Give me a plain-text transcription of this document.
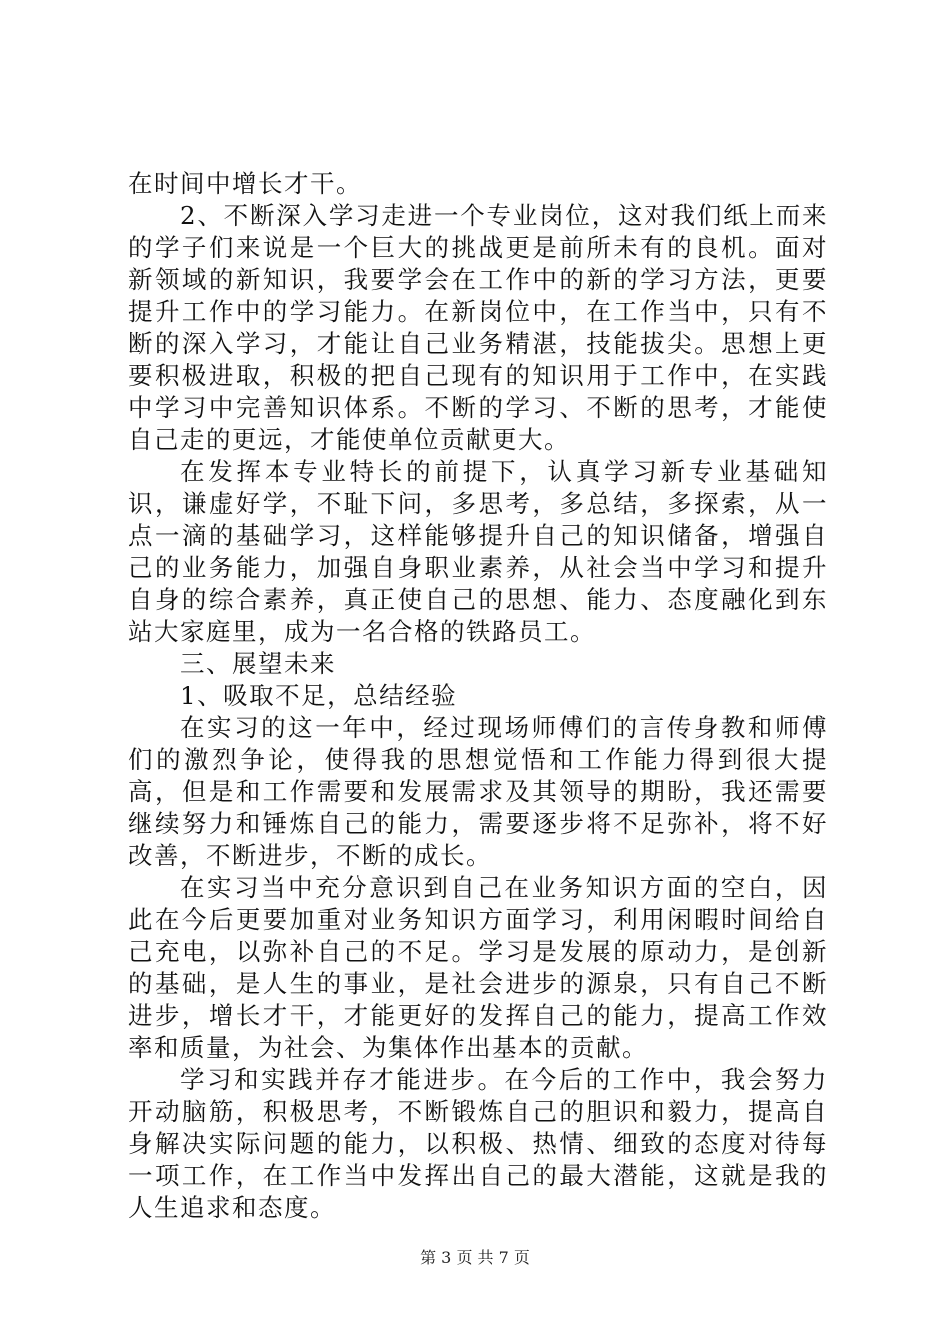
在时间中增长才干。

2、不断深入学习走进一个专业岗位，这对我们纸上而来的学子们来说是一个巨大的挑战更是前所未有的良机。面对新领域的新知识，我要学会在工作中的新的学习方法，更要提升工作中的学习能力。在新岗位中，在工作当中，只有不断的深入学习，才能让自己业务精湛，技能拔尖。思想上更要积极进取，积极的把自己现有的知识用于工作中，在实践中学习中完善知识体系。不断的学习、不断的思考，才能使自己走的更远，才能使单位贡献更大。

在发挥本专业特长的前提下，认真学习新专业基础知识，谦虚好学，不耻下问，多思考，多总结，多探索，从一点一滴的基础学习，这样能够提升自己的知识储备，增强自己的业务能力，加强自身职业素养，从社会当中学习和提升自身的综合素养，真正使自己的思想、能力、态度融化到东站大家庭里，成为一名合格的铁路员工。

三、展望未来

1、吸取不足，总结经验

在实习的这一年中，经过现场师傅们的言传身教和师傅们的激烈争论，使得我的思想觉悟和工作能力得到很大提高，但是和工作需要和发展需求及其领导的期盼，我还需要继续努力和锤炼自己的能力，需要逐步将不足弥补，将不好改善，不断进步，不断的成长。

在实习当中充分意识到自己在业务知识方面的空白，因此在今后更要加重对业务知识方面学习，利用闲暇时间给自己充电，以弥补自己的不足。学习是发展的原动力，是创新的基础，是人生的事业，是社会进步的源泉，只有自己不断进步，增长才干，才能更好的发挥自己的能力，提高工作效率和质量，为社会、为集体作出基本的贡献。

学习和实践并存才能进步。在今后的工作中，我会努力开动脑筋，积极思考，不断锻炼自己的胆识和毅力，提高自身解决实际问题的能力，以积极、热情、细致的态度对待每一项工作，在工作当中发挥出自己的最大潜能，这就是我的人生追求和态度。

第 3 页 共 7 页
